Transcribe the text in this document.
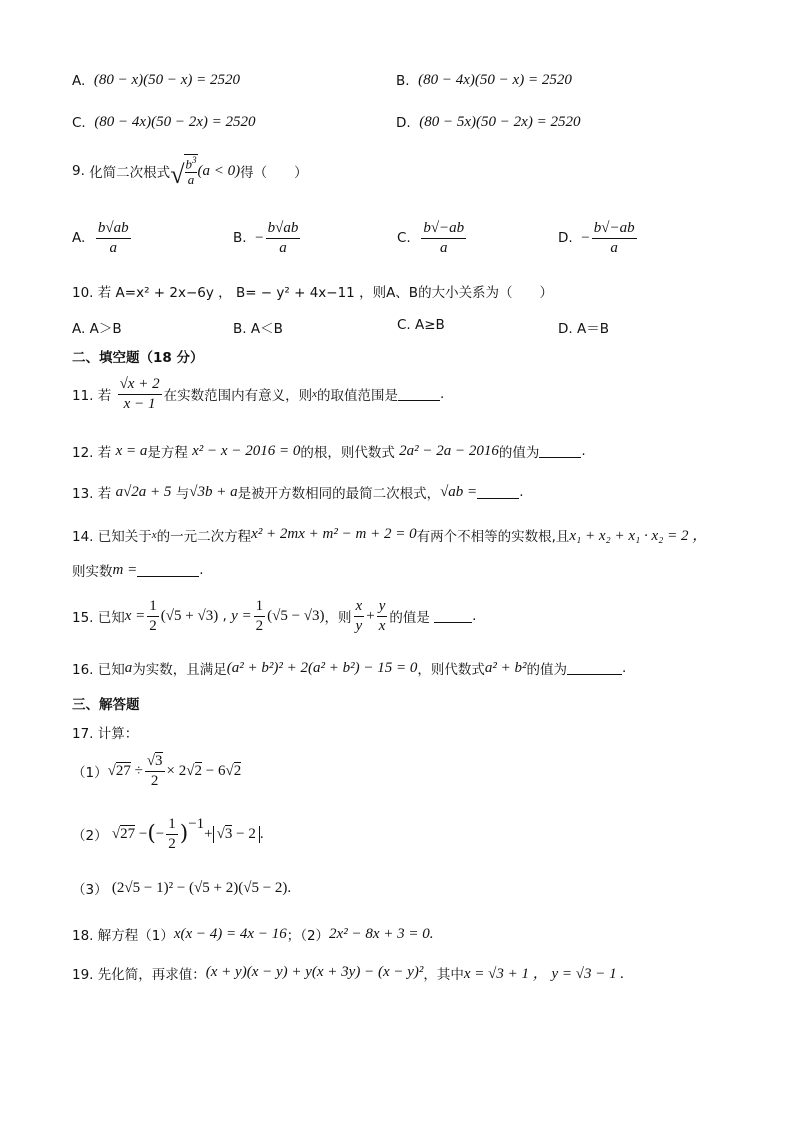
A.
(80 − x)(50 − x) = 2520	B.
(80 − 4x)(50 − x) = 2520
C.
(80 − 4x)(50 − 2x) = 2520	D.
(80 − 5x)(50 − 2x) = 2520
9.
化简二次根式 √ $b^3$
a
(a < 0) 得（　　）
A.
$\frac{b√ab}{a}$	B.
− $\frac{b√ab}{a}$	C.
$\frac{b√-ab}{a}$	D.
− $\frac{b√-ab}{a}$
10. 若 A=x² + 2x−6y ， B= − y² + 4x−11 ，则A、B的大小关系为（　　）
A. A＞B	B. A＜B	C. A≥B	D. A＝B
二、填空题（18 分）
11. 若
$\frac{√x + 2}{x - 1}$ 在实数范围内有意义，则 x 的取值范围是	.
12. 若
x = a 是方程
x² − x − 2016 = 0 的根，则代数式
2a² − 2a − 2016 的值为	.
13. 若
a√2a + 5
与 √3b + a 是被开方数相同的最简二次根式， √ab =	.
14. 已知关于 x 的一元二次方程 x² + 2mx + m² − m + 2 = 0 有两个不相等的实数根,且 x₁ + x₂ + x₁ · x₂ = 2 ，
则实数 m =	.
15. 已知 $x = \frac{1}{2} (√5 + √3)$ , $y = \frac{1}{2} (√5 - √3)$ ，则 $\frac{x}{y} + \frac{y}{x}$ 的值是
	.
16. 已知 a 为实数，且满足 (a² + b²)² + 2(a² + b²) − 15 = 0 ，则代数式 a² + b² 的值为	.
三、解答题
17. 计算：
（1） $√27 \div \frac{√3}{2} \times 2√2 - 6√2$
（2）
√27 − ( − $\frac{1}{2}$ ) −1
+ √3 − 2 .
（3）
(2√5 − 1)² − (√5 + 2)(√5 − 2).
18. 解方程（1） x(x − 4) = 4x − 16 ；（2） 2x² − 8x + 3 = 0.
19. 先化简，再求值： (x + y)(x − y) + y(x + 3y) − (x − y)² ，其中 x = √3 + 1 ， y = √3 − 1 .
